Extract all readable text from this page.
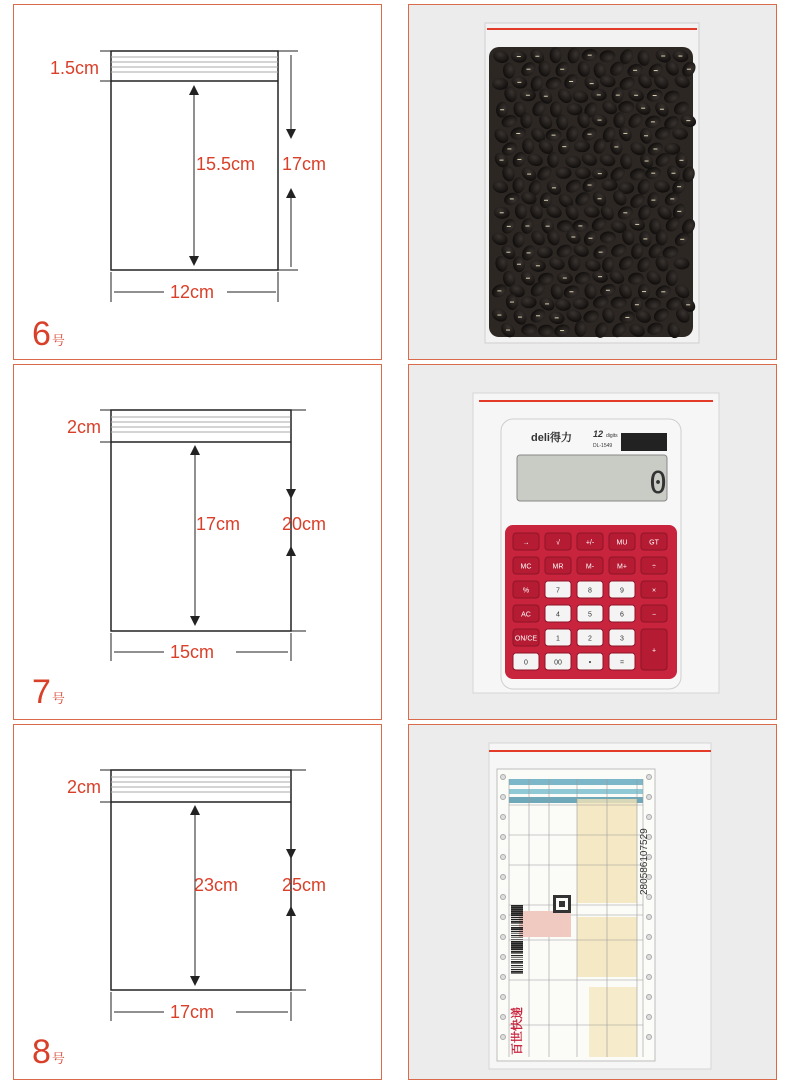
1.5cm
15.5cm 17cm
12cm
6号
2cm
17cm 20cm
15cm
7号
deli得力 12 digits
DL-1549
0
→	√	+/-	MU	GT
MC	MR	M-	M+	÷
%	7	8	9	×
AC	4	5	6	−
ON/CE	1	2	3
+
0	00	•	=
2cm
23cm 25cm
17cm
8号
280586107529
百世快递
